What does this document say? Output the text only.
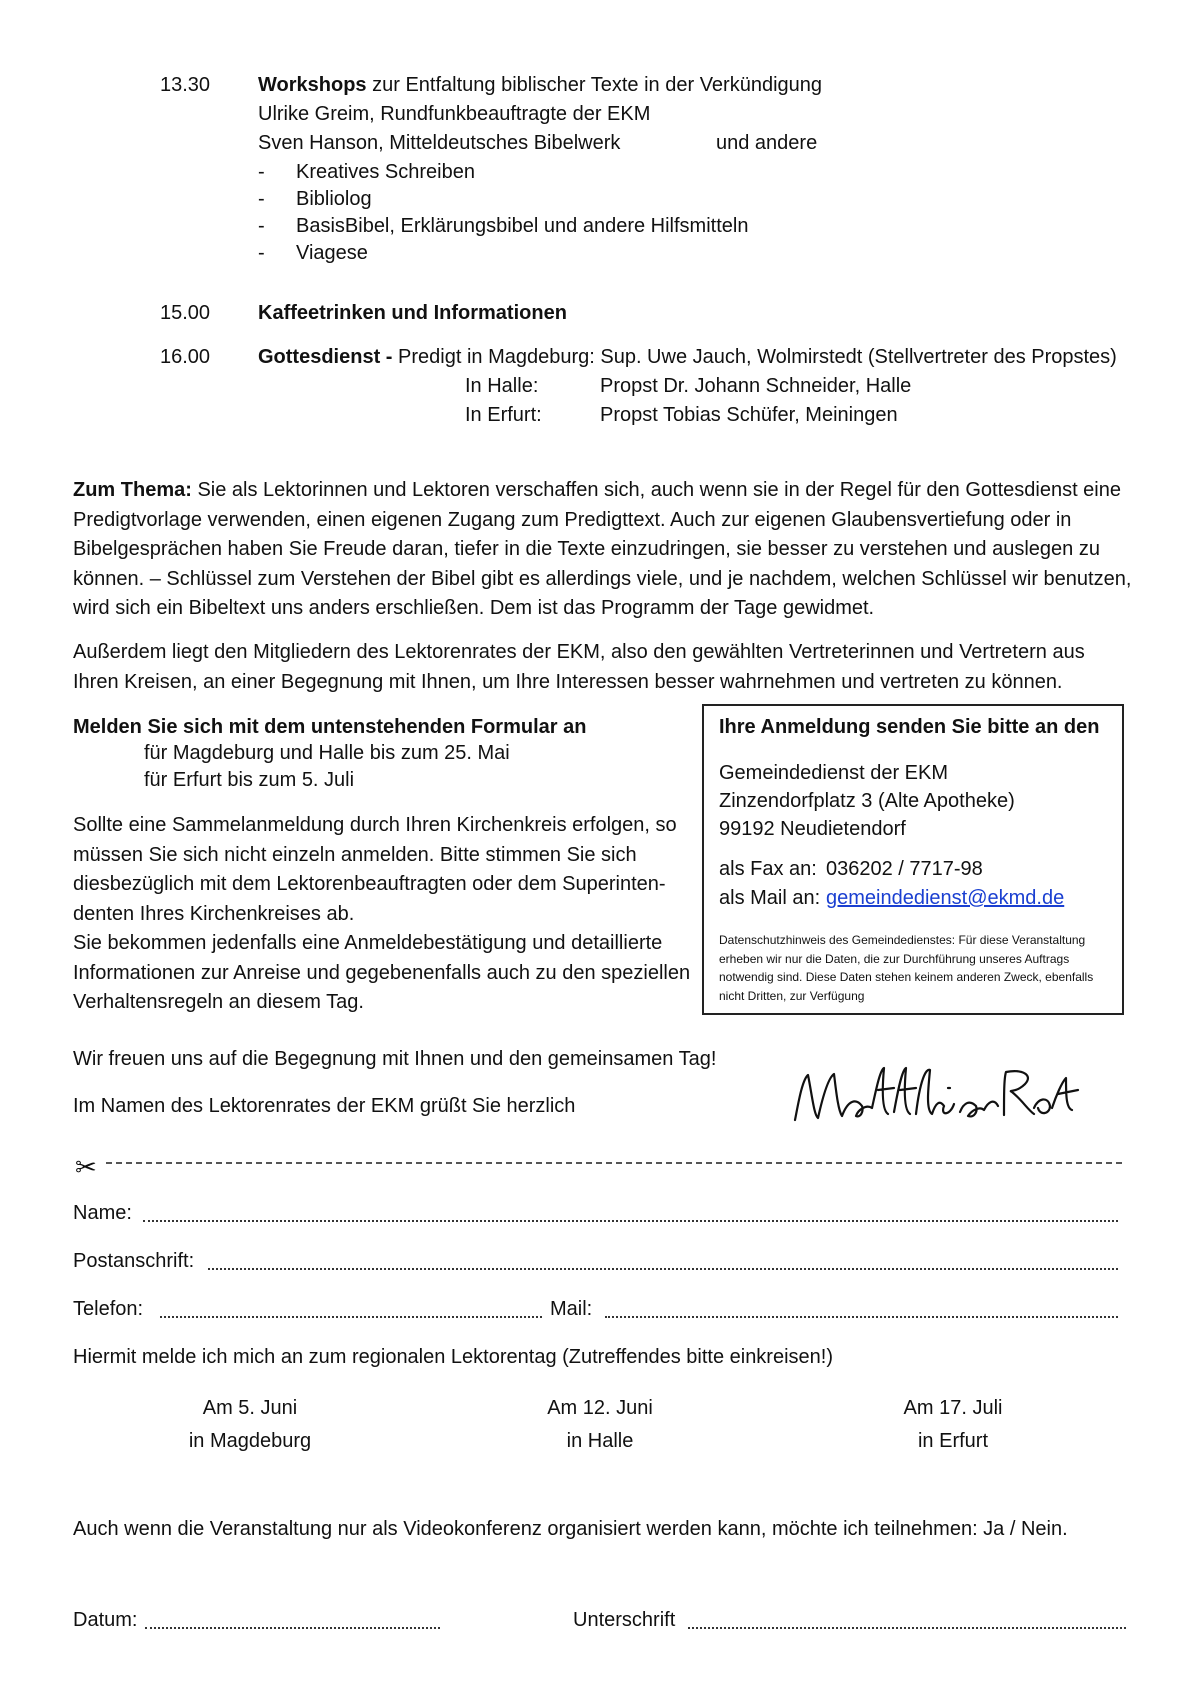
13.30 Workshops zur Entfaltung biblischer Texte in der Verkündigung
Ulrike Greim, Rundfunkbeauftragte der EKM
Sven Hanson, Mitteldeutsches Bibelwerk	und andere
- Kreatives Schreiben
- Bibliolog
- BasisBibel, Erklärungsbibel und andere Hilfsmitteln
- Viagese
15.00 Kaffeetrinken und Informationen
16.00 Gottesdienst - Predigt in Magdeburg: Sup. Uwe Jauch, Wolmirstedt (Stellvertreter des Propstes)
In Halle:	Propst Dr. Johann Schneider, Halle
In Erfurt:	Propst Tobias Schüfer, Meiningen
Zum Thema: Sie als Lektorinnen und Lektoren verschaffen sich, auch wenn sie in der Regel für den Gottesdienst eine Predigtvorlage verwenden, einen eigenen Zugang zum Predigttext. Auch zur eigenen Glaubensvertiefung oder in Bibelgesprächen haben Sie Freude daran, tiefer in die Texte einzudringen, sie besser zu verstehen und auslegen zu können. – Schlüssel zum Verstehen der Bibel gibt es allerdings viele, und je nachdem, welchen Schlüssel wir benutzen, wird sich ein Bibeltext uns anders erschließen. Dem ist das Programm der Tage gewidmet.
Außerdem liegt den Mitgliedern des Lektorenrates der EKM, also den gewählten Vertreterinnen und Vertretern aus Ihren Kreisen, an einer Begegnung mit Ihnen, um Ihre Interessen besser wahrnehmen und vertreten zu können.
Melden Sie sich mit dem untenstehenden Formular an
für Magdeburg und Halle bis zum 25. Mai
für Erfurt bis zum 5. Juli
Sollte eine Sammelanmeldung durch Ihren Kirchenkreis erfolgen, so müssen Sie sich nicht einzeln anmelden. Bitte stimmen Sie sich diesbezüglich mit dem Lektorenbeauftragten oder dem Superinten-denten Ihres Kirchenkreises ab.
Sie bekommen jedenfalls eine Anmeldebestätigung und detaillierte Informationen zur Anreise und gegebenenfalls auch zu den speziellen Verhaltensregeln an diesem Tag.
Ihre Anmeldung senden Sie bitte an den
Gemeindedienst der EKM
Zinzendorfplatz 3 (Alte Apotheke)
99192 Neudietendorf
als Fax an: 036202 / 7717-98
als Mail an: gemeindedienst@ekmd.de
Datenschutzhinweis des Gemeindedienstes: Für diese Veranstaltung erheben wir nur die Daten, die zur Durchführung unseres Auftrags notwendig sind. Diese Daten stehen keinem anderen Zweck, ebenfalls nicht Dritten, zur Verfügung
Wir freuen uns auf die Begegnung mit Ihnen und den gemeinsamen Tag!
Im Namen des Lektorenrates der EKM grüßt Sie herzlich
✂
Name:
Postanschrift:
Telefon:	Mail:
Hiermit melde ich mich an zum regionalen Lektorentag (Zutreffendes bitte einkreisen!)
Am 5. Juni
in Magdeburg
Am 12. Juni
in Halle
Am 17. Juli
in Erfurt
Auch wenn die Veranstaltung nur als Videokonferenz organisiert werden kann, möchte ich teilnehmen: Ja / Nein.
Datum:	Unterschrift
